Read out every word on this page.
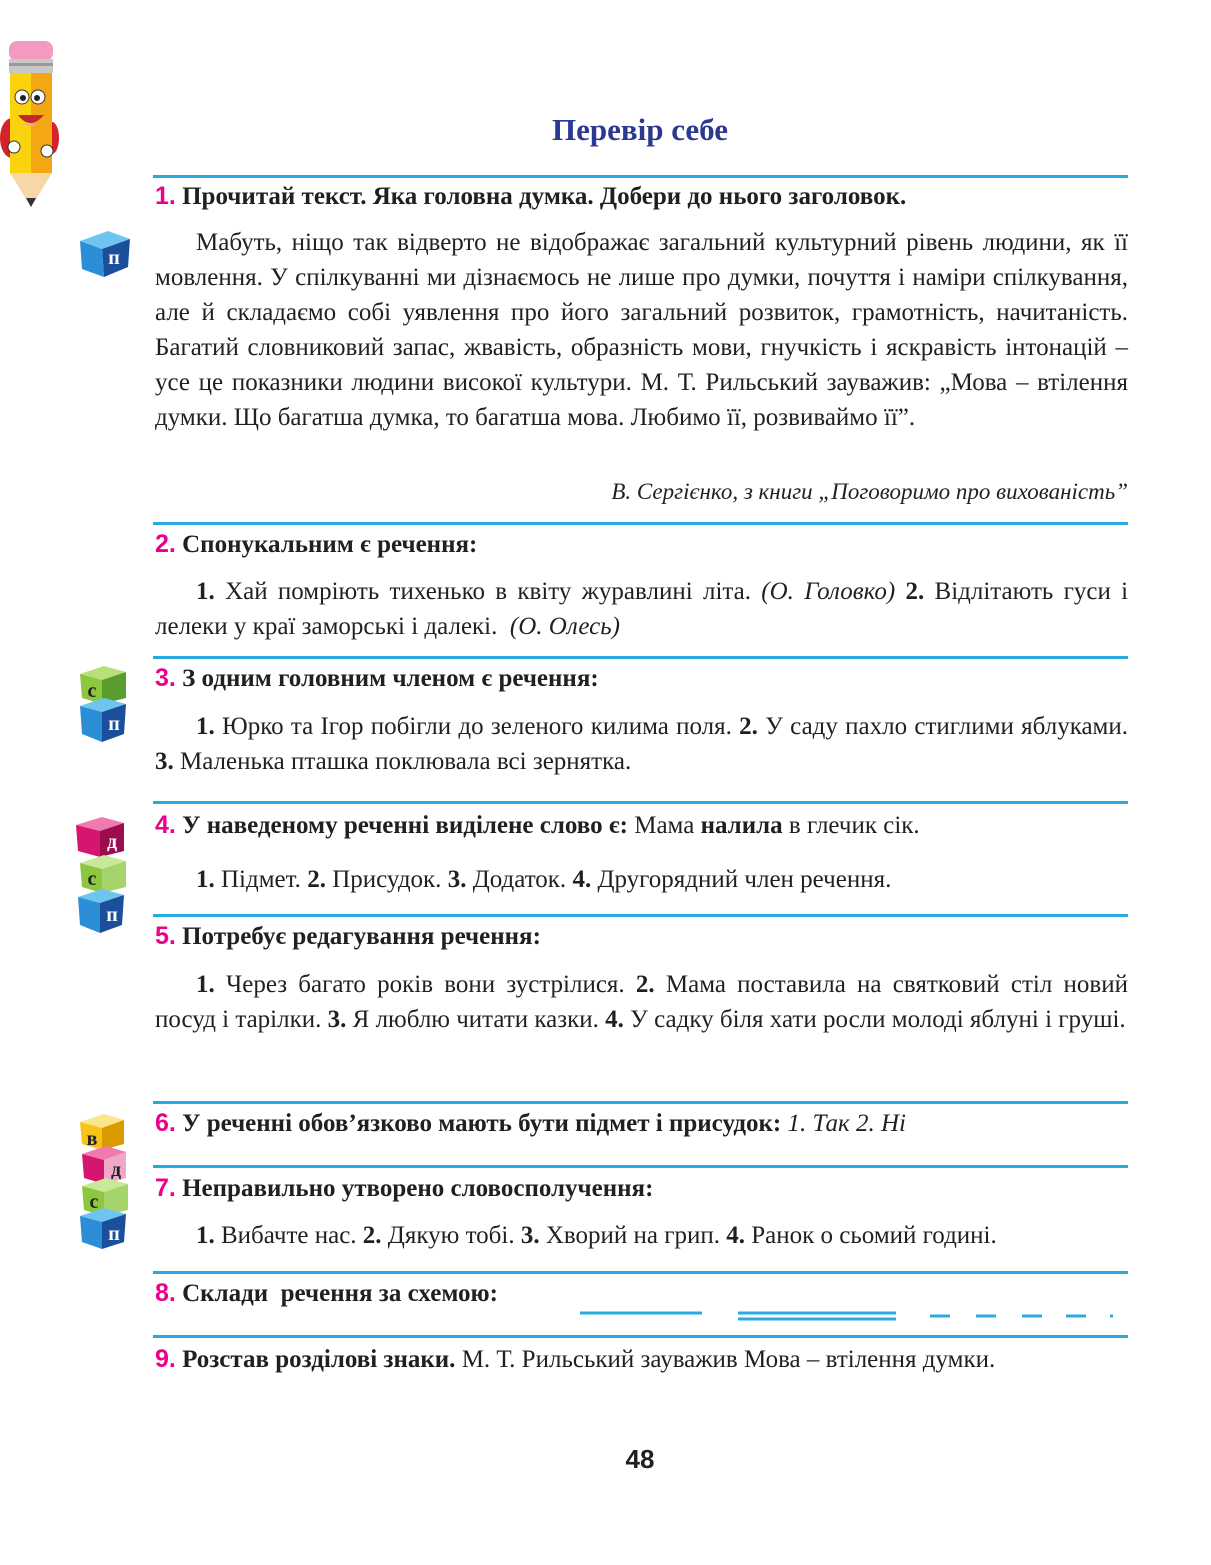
Перевір себе
п
1. Прочитай текст. Яка головна думка. Добери до нього заголовок.
Мабуть, ніщо так відверто не відображає загальний культурний рівень людини, як її мовлення. У спілкуванні ми дізнаємось не лише про думки, почуття і наміри спілкування, але й складаємо собі уявлення про його загальний розвиток, грамотність, начитаність. Багатий словниковий запас, жвавість, образність мови, гнучкість і яскравість інтонацій – усе це показники людини високої культури. М. Т. Рильський зауважив: „Мова – втілення думки. Що багатша думка, то багатша мова. Любимо її, розвиваймо її”.
В. Сергієнко, з книги „Поговоримо про вихованість”
2. Спонукальним є речення:
1. Хай помріють тихенько в квіту журавлині літа. (О. Головко) 2. Відлітають гуси і лелеки у краї заморські і далекі. (О. Олесь)
с
п
3. З одним головним членом є речення:
1. Юрко та Ігор побігли до зеленого килима поля. 2. У саду пахло стиглими яблуками. 3. Маленька пташка поклювала всі зернятка.
д
с
п
4. У наведеному реченні виділене слово є: Мама налила в глечик сік.
1. Підмет. 2. Присудок. 3. Додаток. 4. Другорядний член речення.
5. Потребує редагування речення:
1. Через багато років вони зустрілися. 2. Мама поставила на святковий стіл новий посуд і тарілки. 3. Я люблю читати казки. 4. У садку біля хати росли молоді яблуні і груші.
в
д
с
п
6. У реченні обов’язково мають бути підмет і присудок: 1. Так 2. Ні
7. Неправильно утворено словосполучення:
1. Вибачте нас. 2. Дякую тобі. 3. Хворий на грип. 4. Ранок о сьомий годині.
8. Склади  речення за схемою:
9. Розстав розділові знаки. М. Т. Рильський зауважив Мова – втілення думки.
48
